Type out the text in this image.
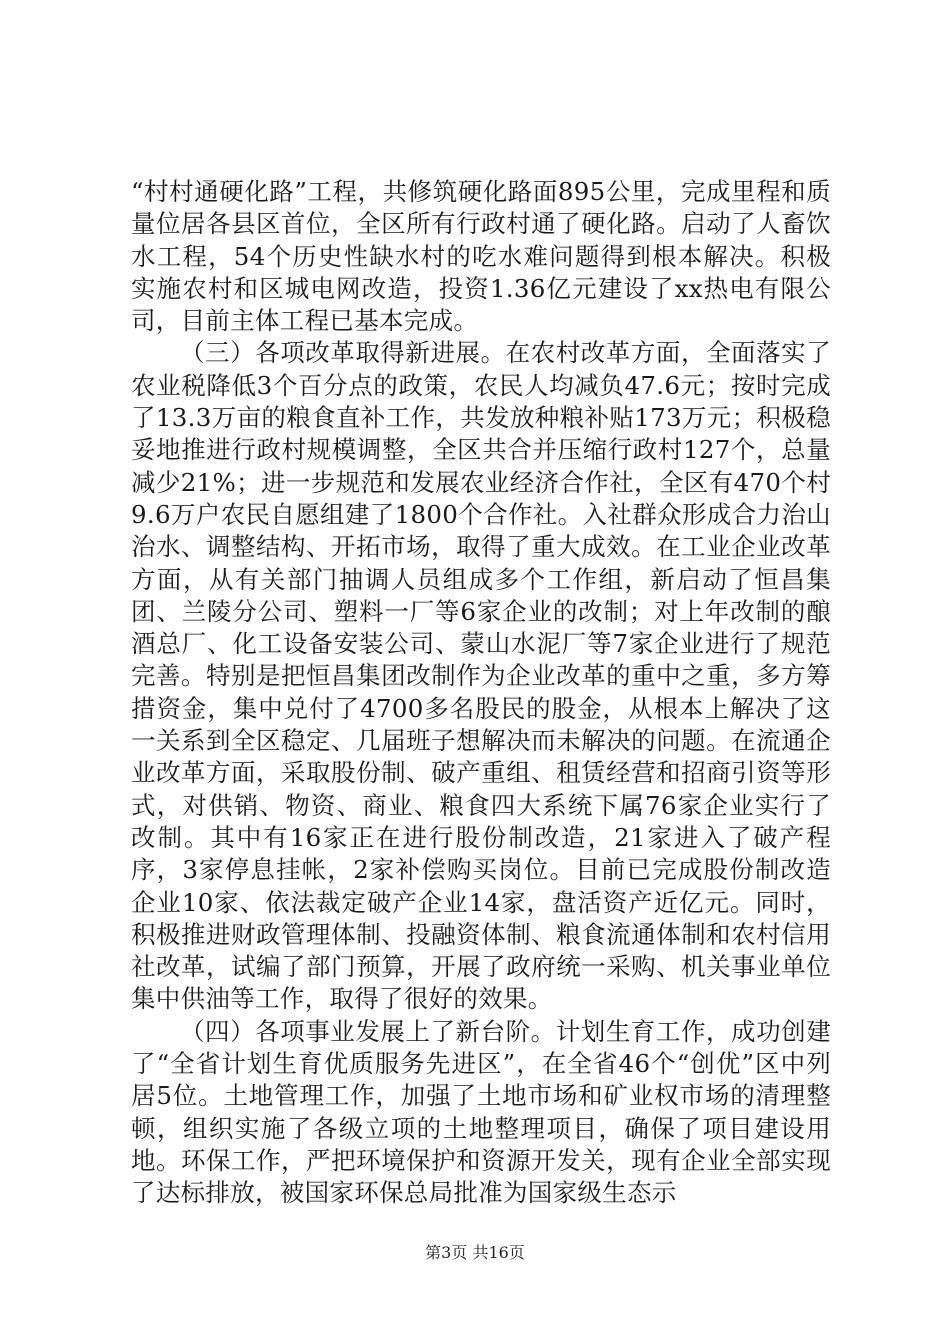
“村村通硬化路”工程，共修筑硬化路面895公里，完成里程和质量位居各县区首位，全区所有行政村通了硬化路。启动了人畜饮水工程，54个历史性缺水村的吃水难问题得到根本解决。积极实施农村和区城电网改造，投资1.36亿元建设了xx热电有限公司，目前主体工程已基本完成。

（三）各项改革取得新进展。在农村改革方面，全面落实了农业税降低3个百分点的政策，农民人均减负47.6元；按时完成了13.3万亩的粮食直补工作，共发放种粮补贴173万元；积极稳妥地推进行政村规模调整，全区共合并压缩行政村127个，总量减少21%；进一步规范和发展农业经济合作社，全区有470个村9.6万户农民自愿组建了1800个合作社。入社群众形成合力治山治水、调整结构、开拓市场，取得了重大成效。在工业企业改革方面，从有关部门抽调人员组成多个工作组，新启动了恒昌集团、兰陵分公司、塑料一厂等6家企业的改制；对上年改制的酿酒总厂、化工设备安装公司、蒙山水泥厂等7家企业进行了规范完善。特别是把恒昌集团改制作为企业改革的重中之重，多方筹措资金，集中兑付了4700多名股民的股金，从根本上解决了这一关系到全区稳定、几届班子想解决而未解决的问题。在流通企业改革方面，采取股份制、破产重组、租赁经营和招商引资等形式，对供销、物资、商业、粮食四大系统下属76家企业实行了改制。其中有16家正在进行股份制改造，21家进入了破产程序，3家停息挂帐，2家补偿购买岗位。目前已完成股份制改造企业10家、依法裁定破产企业14家，盘活资产近亿元。同时，积极推进财政管理体制、投融资体制、粮食流通体制和农村信用社改革，试编了部门预算，开展了政府统一采购、机关事业单位集中供油等工作，取得了很好的效果。

（四）各项事业发展上了新台阶。计划生育工作，成功创建了“全省计划生育优质服务先进区”，在全省46个“创优”区中列居5位。土地管理工作，加强了土地市场和矿业权市场的清理整顿，组织实施了各级立项的土地整理项目，确保了项目建设用地。环保工作，严把环境保护和资源开发关，现有企业全部实现了达标排放，被国家环保总局批准为国家级生态示

第3页 共16页
